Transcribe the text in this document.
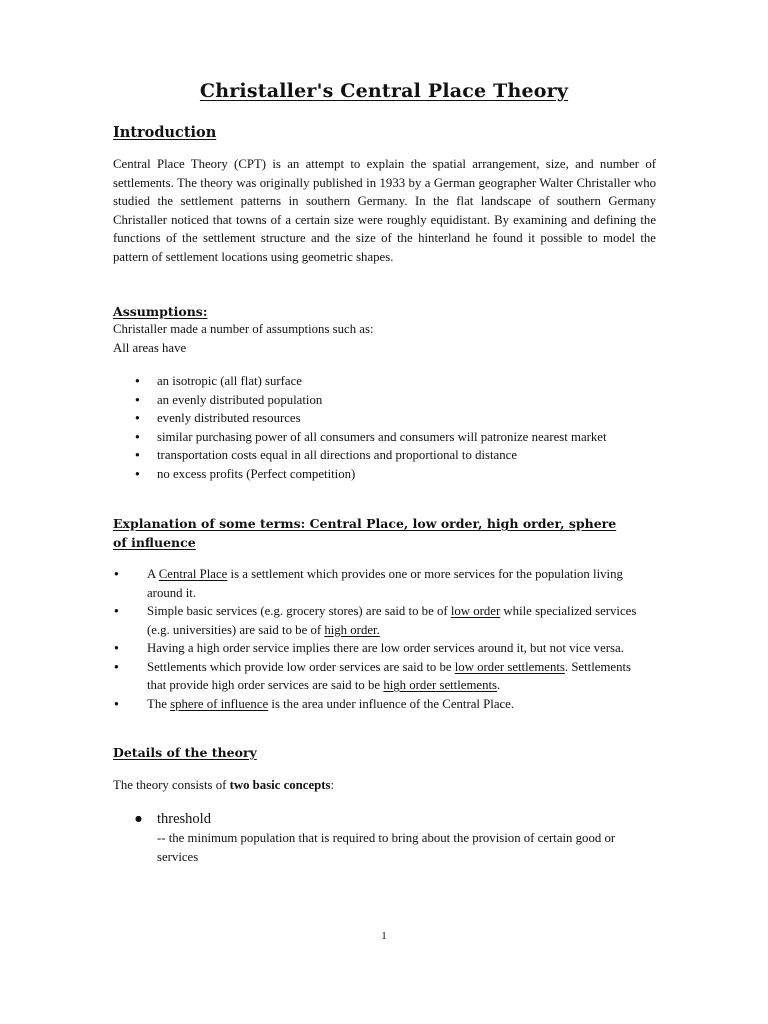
Christaller's Central Place Theory
Introduction

Central Place Theory (CPT) is an attempt to explain the spatial arrangement, size, and number of settlements. The theory was originally published in 1933 by a German geographer Walter Christaller who studied the settlement patterns in southern Germany. In the flat landscape of southern Germany Christaller noticed that towns of a certain size were roughly equidistant. By examining and defining the functions of the settlement structure and the size of the hinterland he found it possible to model the pattern of settlement locations using geometric shapes.

Assumptions:
Christaller made a number of assumptions such as:
All areas have
● an isotropic (all flat) surface
● an evenly distributed population
● evenly distributed resources
● similar purchasing power of all consumers and consumers will patronize nearest market
● transportation costs equal in all directions and proportional to distance
● no excess profits (Perfect competition)
Explanation of some terms: Central Place, low order, high order, sphere
of influence
● A Central Place is a settlement which provides one or more services for the population living around it.
● Simple basic services (e.g. grocery stores) are said to be of low order while specialized services (e.g. universities) are said to be of high order.
● Having a high order service implies there are low order services around it, but not vice versa.
● Settlements which provide low order services are said to be low order settlements. Settlements that provide high order services are said to be high order settlements.
● The sphere of influence is the area under influence of the Central Place.
Details of the theory
The theory consists of two basic concepts:
● threshold
-- the minimum population that is required to bring about the provision of certain good or services
1
